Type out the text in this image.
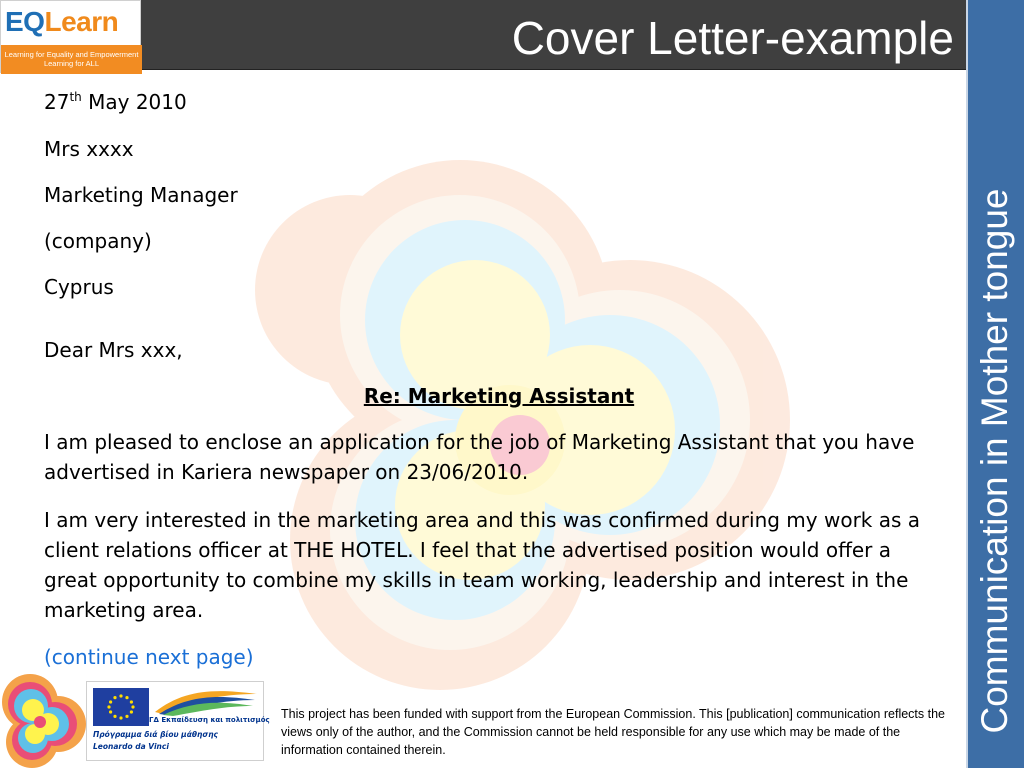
Cover Letter-example
EQLearn
Learning for Equality and Empowerment
Learning for ALL
Communication in Mother tongue
27th May 2010
Mrs xxxx
Marketing Manager
(company)
Cyprus
Dear Mrs xxx,
Re: Marketing Assistant
I am pleased to enclose an application for the job of Marketing Assistant that you have advertised in Kariera newspaper on 23/06/2010.
I am very interested in the marketing area and this was confirmed during my work as a client relations officer at THE HOTEL. I feel that the advertised position would offer a great opportunity to combine my skills in team working, leadership and interest in the marketing area.
(continue next page)
ΓΔ Εκπαίδευση και πολιτισμός
Πρόγραμμα διά βίου μάθησης
Leonardo da Vinci
This project has been funded with support from the European Commission. This [publication] communication reflects the views only of the author, and the Commission cannot be held responsible for any use which may be made of the information contained therein.
